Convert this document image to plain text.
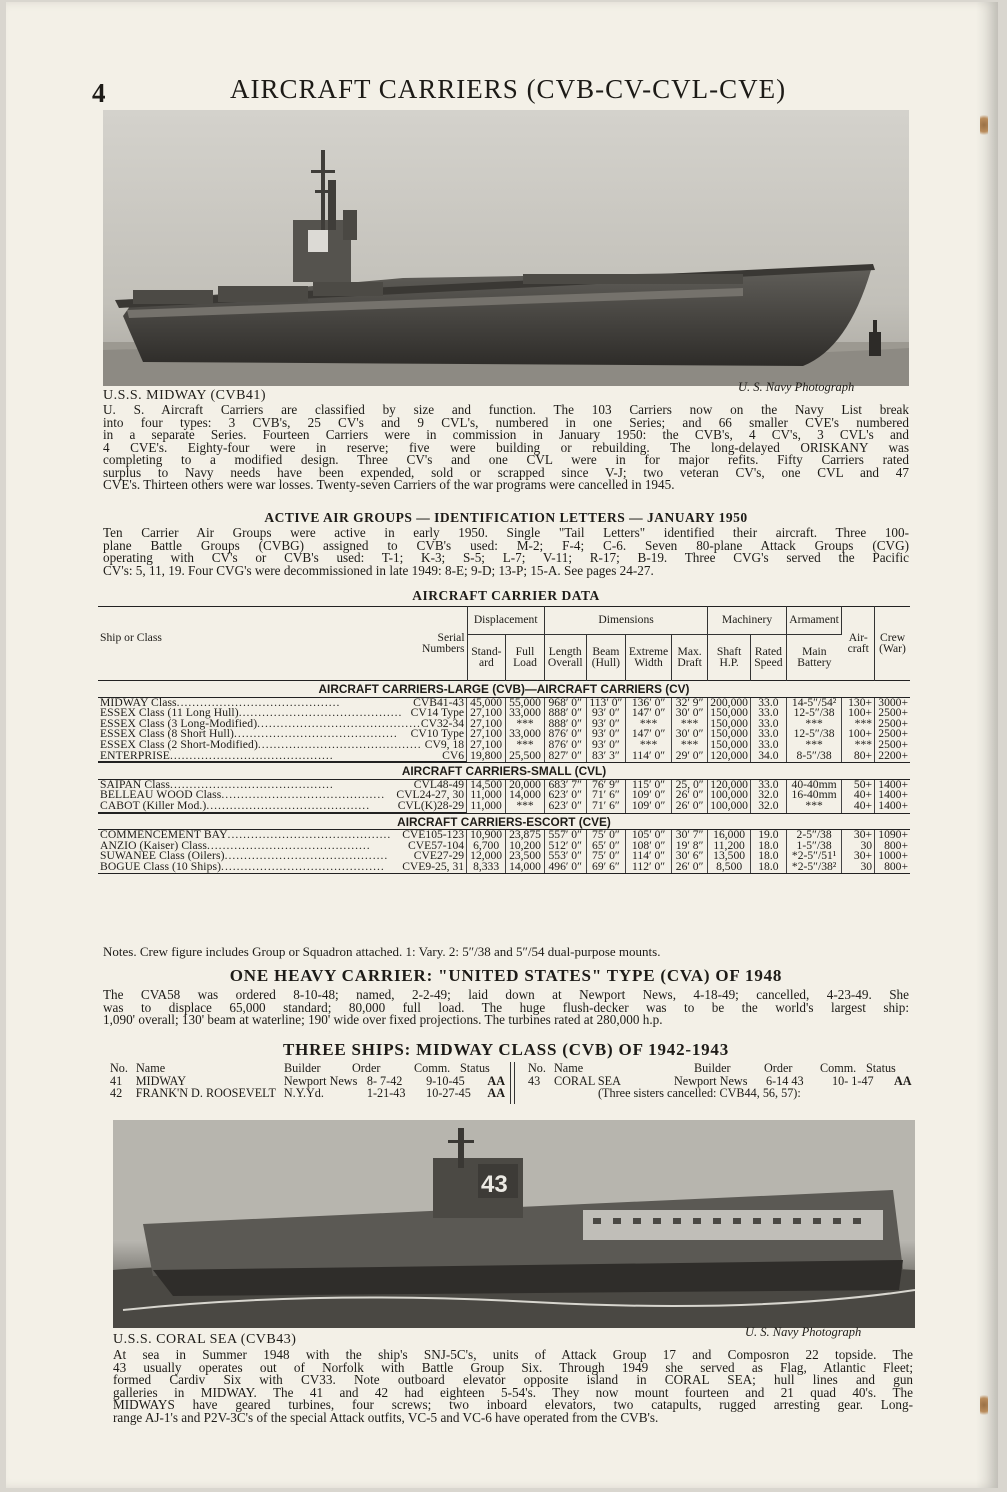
4	AIRCRAFT CARRIERS (CVB-CV-CVL-CVE)
U.S.S. MIDWAY (CVB41)
U. S. Navy Photograph
U. S. Aircraft Carriers are classified by size and function. The 103 Carriers now on the Navy List break
into four types: 3 CVB's, 25 CV's and 9 CVL's, numbered in one Series; and 66 smaller CVE's numbered
in a separate Series. Fourteen Carriers were in commission in January 1950: the CVB's, 4 CV's, 3 CVL's and
4 CVE's. Eighty-four were in reserve; five were building or rebuilding. The long-delayed ORISKANY was
completing to a modified design. Three CV's and one CVL were in for major refits. Fifty Carriers rated
surplus to Navy needs have been expended, sold or scrapped since V-J; two veteran CV's, one CVL and 47

CVE's. Thirteen others were war losses. Twenty-seven Carriers of the war programs were cancelled in 1945.
ACTIVE AIR GROUPS — IDENTIFICATION LETTERS — JANUARY 1950
Ten Carrier Air Groups were active in early 1950. Single "Tail Letters" identified their aircraft. Three 100-
plane Battle Groups (CVBG) assigned to CVB's used: M-2; F-4; C-6. Seven 80-plane Attack Groups (CVG)
operating with CV's or CVB's used: T-1; K-3; S-5; L-7; V-11; R-17; B-19. Three CVG's served the Pacific

CV's: 5, 11, 19. Four CVG's were decommissioned in late 1949: 8-E; 9-D; 13-P; 15-A. See pages 24-27.
AIRCRAFT CARRIER DATA
Ship or Class Serial Numbers	Displacement		Dimensions				Machinery		Armament	Air-craft	Crew (War)
	Stand-ard	Full Load	Length Overall	Beam (Hull)	Extreme Width	Max. Draft	Shaft H.P.	Rated Speed	Main Battery		
AIRCRAFT CARRIERS-LARGE (CVB)—AIRCRAFT CARRIERS (CV)											

MIDWAY Class ..........................................	CVB41-43 45,000	55,000	968′ 0″	113′ 0″	136′ 0″	32′ 9″	200,000	33.0	14-5″/54²	130+	3000+

ESSEX Class (11 Long Hull) .......................................... CV14 Type 27,100	33,000	888′ 0″	93′ 0″	147′ 0″	30′ 0″	150,000	33.0	12-5″/38	100+	2500+

ESSEX Class (3 Long-Modified) .......................................... CV32-34 27,100	***	888′ 0″	93′ 0″	***	***	150,000	33.0	***	***	2500+

ESSEX Class (8 Short Hull) ..........................................	CV10 Type 27,100	33,000	876′ 0″	93′ 0″	147′ 0″	30′ 0″	150,000	33.0	12-5″/38	100+	2500+

ESSEX Class (2 Short-Modified) .......................................... CV9, 18 27,100	***	876′ 0″	93′ 0″	***	***	150,000	33.0	***	***	2500+

ENTERPRISE ..........................................	CV6 19,800	25,500	827′ 0″	83′ 3″	114′ 0″	29′ 0″	120,000	34.0	8-5″/38	80+	2200+
AIRCRAFT CARRIERS-SMALL (CVL)											

SAIPAN Class ..........................................	CVL48-49 14,500	20,000	683′ 7″	76′ 9″	115′ 0″	25, 0″	120,000	33.0	40-40mm	50+	1400+

BELLEAU WOOD Class .......................................... CVL24-27, 30 11,000	14,000	623′ 0″	71′ 6″	109′ 0″	26′ 0″	100,000	32.0	16-40mm	40+	1400+

CABOT (Killer Mod.) ..........................................	CVL(K)28-29 11,000	***	623′ 0″	71′ 6″	109′ 0″	26′ 0″	100,000	32.0	***	40+	1400+
AIRCRAFT CARRIERS-ESCORT (CVE)											

COMMENCEMENT BAY .......................................... CVE105-123 10,900	23,875	557′ 0″	75′ 0″	105′ 0″	30′ 7″	16,000	19.0	2-5″/38	30+	1090+

ANZIO (Kaiser) Class ..........................................	CVE57-104 6,700	10,200	512′ 0″	65′ 0″	108′ 0″	19′ 8″	11,200	18.0	1-5″/38	30	800+

SUWANEE Class (Oilers) ..........................................	CVE27-29 12,000	23,500	553′ 0″	75′ 0″	114′ 0″	30′ 6″	13,500	18.0	*2-5″/51¹	30+	1000+

BOGUE Class (10 Ships) ..........................................	CVE9-25, 31 8,333	14,000	496′ 0″	69′ 6″	112′ 0″	26′ 0″	8,500	18.0	*2-5″/38²	30	800+
Notes. Crew figure includes Group or Squadron attached. 1: Vary. 2: 5″/38 and 5″/54 dual-purpose mounts.
ONE HEAVY CARRIER: "UNITED STATES" TYPE (CVA) OF 1948
The CVA58 was ordered 8-10-48; named, 2-2-49; laid down at Newport News, 4-18-49; cancelled, 4-23-49. She
was to displace 65,000 standard; 80,000 full load. The huge flush-decker was to be the world's largest ship:

1,090' overall; 130' beam at waterline; 190' wide over fixed projections. The turbines rated at 280,000 h.p.
THREE SHIPS: MIDWAY CLASS (CVB) OF 1942-1943
No. Name	Builder	Order	Comm. Status
41	MIDWAY	Newport News 8- 7-42	9-10-45	AA
42	FRANK'N D. ROOSEVELT N.Y.Yd.	1-21-43	10-27-45	AA
No. Name	Builder	Order	Comm. Status
43	CORAL SEA	Newport News	6-14 43	10- 1-47	AA
(Three sisters cancelled: CVB44, 56, 57):
43
U.S.S. CORAL SEA (CVB43)	U. S. Navy Photograph
At sea in Summer 1948 with the ship's SNJ-5C's, units of Attack Group 17 and Composron 22 topside. The
43 usually operates out of Norfolk with Battle Group Six. Through 1949 she served as Flag, Atlantic Fleet;
formed Cardiv Six with CV33. Note outboard elevator opposite island in CORAL SEA; hull lines and gun
galleries in MIDWAY. The 41 and 42 had eighteen 5-54's. They now mount fourteen and 21 quad 40's. The
MIDWAYS have geared turbines, four screws; two inboard elevators, two catapults, rugged arresting gear. Long-

range AJ-1's and P2V-3C's of the special Attack outfits, VC-5 and VC-6 have operated from the CVB's.
